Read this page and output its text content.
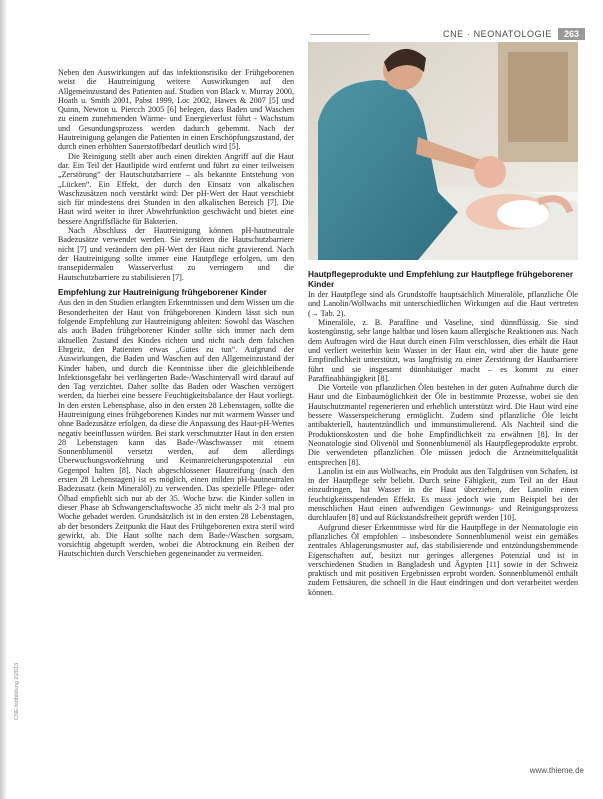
CNE · NEONATOLOGIE	263

Neben den Auswirkungen auf das infektionsrisiko der Frühgeborenen weist die Hautreinigung weitere Auswirkungen auf den Allgemeinzustand des Patienten auf. Studien von Black v. Murray 2000, Hoath u. Smith 2001, Pabst 1999, Loc 2002, Hawes & 2007 [5] und Quinn, Newton u. Piercch 2005 [6] belegen, dass Baden und Waschen zu einem zunehmenden Wärme- und Energieverlust führt - Wachstum und Gesundungsprozess werden dadurch gehemmt. Nach der Hautreinigung gelangen die Patienten in einen Erschöpfungszustand, der durch einen erhöhten Sauerstoffbedarf deutlich wird [5].

Die Reinigung stellt aber auch einen direkten Angriff auf die Haut dar. Ein Teil der Hautlipide wird entfernt und führt zu einer teilweisen „Zerstörung“ der Hautschutzbarriere – als bekannte Entstehung von „Lücken“. Ein Effekt, der durch den Einsatz von alkalischen Waschzusätzen noch verstärkt wird: Der pH-Wert der Haut verschiebt sich für mindestens drei Stunden in den alkalischen Bereich [7]. Die Haut wird weiter in ihrer Abwehrfunktion geschwächt und bietet eine bessere Angriffsfläche für Bakterien.

Nach Abschluss der Hautreinigung können pH-hautneutrale Badezusätze verwendet werden. Sie zerstören die Hautschutzbarriere nicht [7] und verändern den pH-Wert der Haut nicht gravierend. Nach der Hautreinigung sollte immer eine Hautpflege erfolgen, um den transepidermalen Wasserverlust zu verringern und die Hautschutzbarriere zu stabilisieren [7].

Empfehlung zur Hautreinigung frühgeborener Kinder

Aus den in den Studien erlangten Erkenntnissen und dem Wissen um die Besonderheiten der Haut von frühgeborenen Kindern lässt sich nun folgende Empfehlung zur Hautreinigung ableiten: Sowohl das Waschen als auch Baden frühgeborener Kinder sollte sich immer nach dem aktuellen Zustand des Kindes richten und nicht nach dem falschen Ehrgeiz, den Patienten etwas „Gutes zu tun“. Aufgrund der Auswirkungen, die Baden und Waschen auf den Allgemeinzustand der Kinder haben, und durch die Kenntnisse über die gleichbleibende Infektionsgefahr bei verlängerten Bade-/Waschintervall wird darauf auf den Tag verzichtet. Daher sollte das Baden oder Waschen verzögert werden, da hierbei eine bessere Feuchtigkeitsbalance der Haut vorliegt. In den ersten Lebensphase, also in den ersten 28 Lebenstagen, sollte die Hautreinigung eines frühgeborenen Kindes nur mit warmem Wasser und ohne Badezusätze erfolgen, da diese die Anpassung des Haut-pH-Wertes negativ beeinflussen würden. Bei stark verschmutzter Haut in den ersten 28 Lebenstagen kann das Bade-/Waschwasser mit einem Sonnenblumenöl versetzt werden, auf dem allerdings Überwuchungsvorkehrung und Keimanreicherungspotenzial ein Gegenpol halten [8]. Nach abgeschlossener Hautreifung (nach den ersten 28 Lebenstagen) ist es möglich, einen milden pH-hautneutralen Badezusatz (kein Mineralöl) zu verwenden. Das spezielle Pflege- oder Ölbad empfiehlt sich nur ab der 35. Woche bzw. die Kinder sollen in dieser Phase ab Schwangerschaftswoche 35 nicht mehr als 2-3 mal pro Woche gebadet werden. Grundsätzlich ist in den ersten 28 Lebenstagen, ab der besonders Zeitpunkt die Haut des Frühgeborenen extra steril wird gewirkt, ab. Die Haut sollte nach dem Bade-/Waschen sorgsam, vorsichtig abgetupft werden, wobei die Abtrocknung ein Reiben der Hautschichten durch Verschieben gegeneinander zu vermeiden.

Hautpflegeprodukte und Empfehlung zur Hautpflege frühgeborener Kinder

In der Hautpflege sind als Grundstoffe hauptsächlich Mineralöle, pflanzliche Öle und Lanolin/Wollwachs mit unterschiedlichen Wirkungen auf die Haut vertreten (→ Tab. 2).

Mineralöle, z. B. Paraffine und Vaseline, sind dünnflüssig. Sie sind kostengünstig, sehr lange haltbar und lösen kaum allergische Reaktionen aus. Nach dem Auftragen wird die Haut durch einen Film verschlossen, dies erhält die Haut und verliert weiterhin kein Wasser in der Haut ein, wird aber die haute gene Empfindlichkeit unterstützt, was langfristig zu einer Zerstörung der Hautbarriere führt und sie insgesamt dünnhäutiger macht – es kommt zu einer Paraffinabhängigkeit [8].

Die Vorteile von pflanzlichen Ölen bestehen in der guten Aufnahme durch die Haut und die Einbaumöglichkeit der Öle in bestimmte Prozesse, wobei sie den Hautschutzmantel regenerieren und erheblich unterstützt wird. Die Haut wird eine bessere Wasserspeicherung ermöglicht. Zudem sind pflanzliche Öle leicht antibakteriell, hautentzündlich und immunstimulierend. Als Nachteil sind die Produktionskosten und die hohe Empfindlichkeit zu erwähnen [8]. In der Neonatologie sind Olivenöl und Sonnenblumenöl als Hautpflegeprodukte erprobt. Die verwendeten pflanzlichen Öle müssen jedoch die Arzneimittelqualität entsprechen [8].

Lanolin ist ein aus Wollwachs, ein Produkt aus den Talgdrüsen von Schafen, ist in der Hautpflege sehr beliebt. Durch seine Fähigkeit, zum Teil an der Haut einzudringen, hat Wasser in die Haut überziehen, der Lanolin einen feuchtigkeitsspendenden Effekt. Es muss jedoch wie zum Beispiel bei der menschlichen Haut einen aufwendigen Gewinnungs- und Reinigungsprozess durchlaufen [8] und auf Rückstandsfreiheit geprüft werden [10].

Aufgrund dieser Erkenntnisse wird für die Hautpflege in der Neonatologie ein pflanzliches Öl empfohlen – insbesondere Sonnenblumenöl weist ein gemäßes zentrales Ablagerungsmuster auf, das stabilisierende und entzündungshemmende Eigenschaften auf, besitzt nur geringes allergenes Potenzial und ist in verschiedenen Studien in Bangladesh und Ägypten [11] sowie in der Schweiz praktisch und mit positiven Ergebnissen erprobt worden. Sonnenblumenöl enthält zudem Fettsäuren, die schnell in die Haut eindringen und dort verarbeitet werden können.

CNE.fortbildung 2|2013
www.thieme.de
